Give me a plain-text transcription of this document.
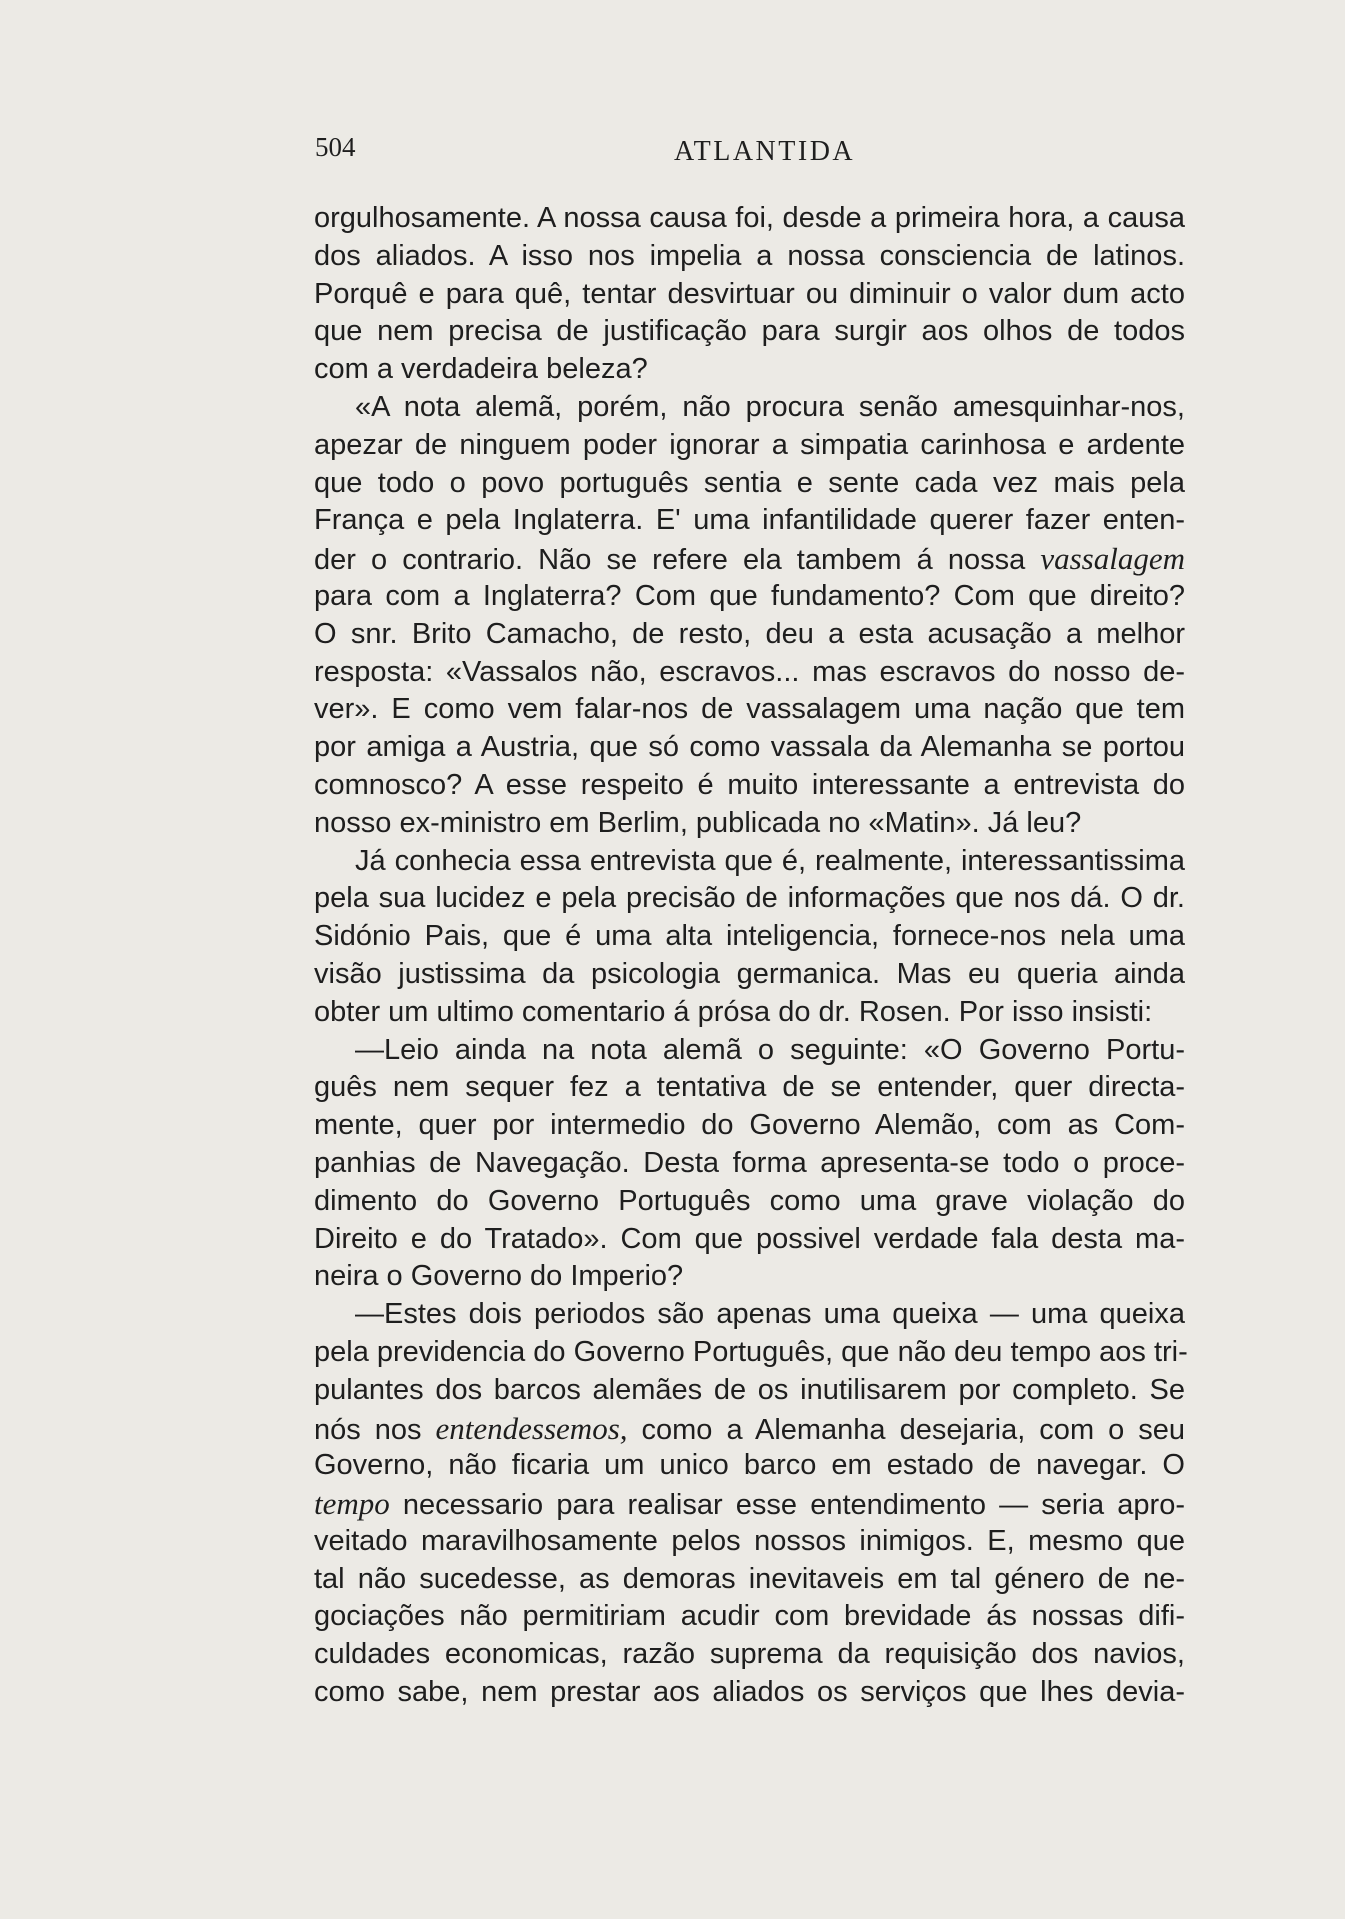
504	ATLANTIDA
orgulhosamente. A nossa causa foi, desde a primeira hora, a causa
dos aliados. A isso nos impelia a nossa consciencia de latinos.
Porquê e para quê, tentar desvirtuar ou diminuir o valor dum acto
que nem precisa de justificação para surgir aos olhos de todos
com a verdadeira beleza?
«A nota alemã, porém, não procura senão amesquinhar-nos,
apezar de ninguem poder ignorar a simpatia carinhosa e ardente
que todo o povo português sentia e sente cada vez mais pela
França e pela Inglaterra. E' uma infantilidade querer fazer enten-
der o contrario. Não se refere ela tambem á nossa vassalagem
para com a Inglaterra? Com que fundamento? Com que direito?
O snr. Brito Camacho, de resto, deu a esta acusação a melhor
resposta: «Vassalos não, escravos... mas escravos do nosso de-
ver». E como vem falar-nos de vassalagem uma nação que tem
por amiga a Austria, que só como vassala da Alemanha se portou
comnosco? A esse respeito é muito interessante a entrevista do
nosso ex-ministro em Berlim, publicada no «Matin». Já leu?
Já conhecia essa entrevista que é, realmente, interessantissima
pela sua lucidez e pela precisão de informações que nos dá. O dr.
Sidónio Pais, que é uma alta inteligencia, fornece-nos nela uma
visão justissima da psicologia germanica. Mas eu queria ainda
obter um ultimo comentario á prósa do dr. Rosen. Por isso insisti:
—Leio ainda na nota alemã o seguinte: «O Governo Portu-
guês nem sequer fez a tentativa de se entender, quer directa-
mente, quer por intermedio do Governo Alemão, com as Com-
panhias de Navegação. Desta forma apresenta-se todo o proce-
dimento do Governo Português como uma grave violação do
Direito e do Tratado». Com que possivel verdade fala desta ma-
neira o Governo do Imperio?
—Estes dois periodos são apenas uma queixa — uma queixa
pela previdencia do Governo Português, que não deu tempo aos tri-
pulantes dos barcos alemães de os inutilisarem por completo. Se
nós nos entendessemos, como a Alemanha desejaria, com o seu
Governo, não ficaria um unico barco em estado de navegar. O
tempo necessario para realisar esse entendimento — seria apro-
veitado maravilhosamente pelos nossos inimigos. E, mesmo que
tal não sucedesse, as demoras inevitaveis em tal género de ne-
gociações não permitiriam acudir com brevidade ás nossas difi-
culdades economicas, razão suprema da requisição dos navios,
como sabe, nem prestar aos aliados os serviços que lhes devia-
